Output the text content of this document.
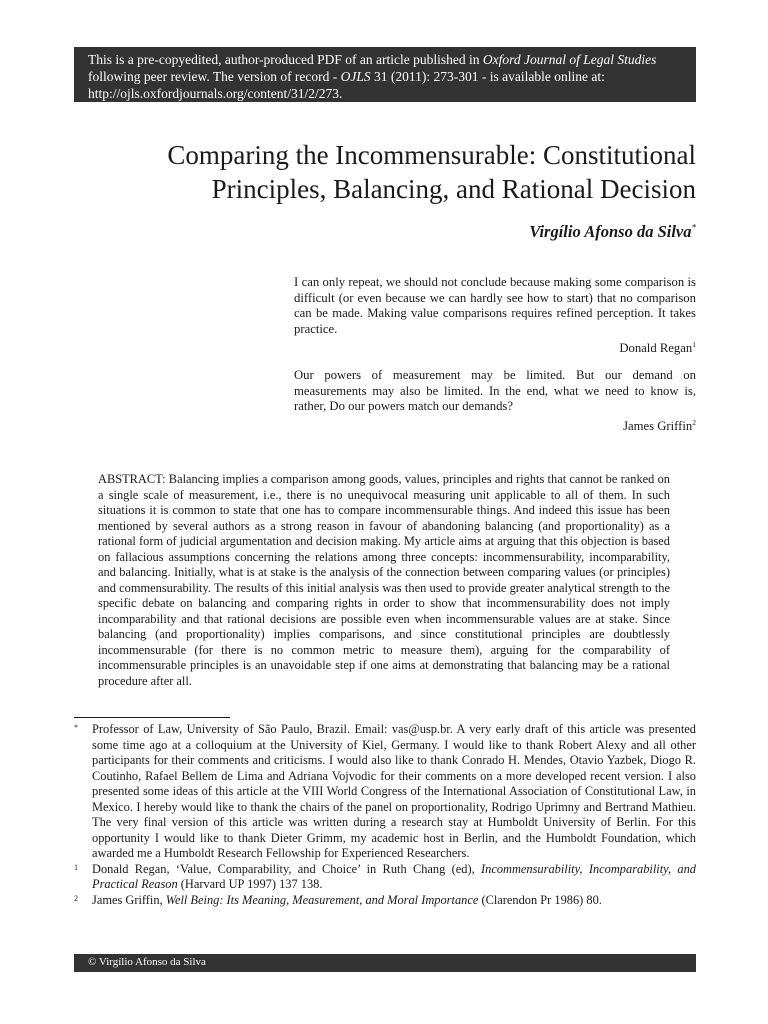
This is a pre-copyedited, author-produced PDF of an article published in Oxford Journal of Legal Studies following peer review. The version of record - OJLS 31 (2011): 273-301 - is available online at: http://ojls.oxfordjournals.org/content/31/2/273.
Comparing the Incommensurable: Constitutional
Principles, Balancing, and Rational Decision
Virgílio Afonso da Silva*

I can only repeat, we should not conclude because making some comparison is difficult (or even because we can hardly see how to start) that no comparison can be made. Making value comparisons requires refined perception. It takes practice.

Donald Regan$^1$

Our powers of measurement may be limited. But our demand on measurements may also be limited. In the end, what we need to know is, rather, Do our powers match our demands?

James Griffin$^2$

ABSTRACT: Balancing implies a comparison among goods, values, principles and rights that cannot be ranked on a single scale of measurement, i.e., there is no unequivocal measuring unit applicable to all of them. In such situations it is common to state that one has to compare incommensurable things. And indeed this issue has been mentioned by several authors as a strong reason in favour of abandoning balancing (and proportionality) as a rational form of judicial argumentation and decision making. My article aims at arguing that this objection is based on fallacious assumptions concerning the relations among three concepts: incommensurability, incomparability, and balancing. Initially, what is at stake is the analysis of the connection between comparing values (or principles) and commensurability. The results of this initial analysis was then used to provide greater analytical strength to the specific debate on balancing and comparing rights in order to show that incommensurability does not imply incomparability and that rational decisions are possible even when incommensurable values are at stake. Since balancing (and proportionality) implies comparisons, and since constitutional principles are doubtlessly incommensurable (for there is no common metric to measure them), arguing for the comparability of incommensurable principles is an unavoidable step if one aims at demonstrating that balancing may be a rational procedure after all.

* Professor of Law, University of São Paulo, Brazil. Email: vas@usp.br. A very early draft of this article was presented some time ago at a colloquium at the University of Kiel, Germany. I would like to thank Robert Alexy and all other participants for their comments and criticisms. I would also like to thank Conrado H. Mendes, Otavio Yazbek, Diogo R. Coutinho, Rafael Bellem de Lima and Adriana Vojvodic for their comments on a more developed recent version. I also presented some ideas of this article at the VIII World Congress of the International Association of Constitutional Law, in Mexico. I hereby would like to thank the chairs of the panel on proportionality, Rodrigo Uprimny and Bertrand Mathieu. The very final version of this article was written during a research stay at Humboldt University of Berlin. For this opportunity I would like to thank Dieter Grimm, my academic host in Berlin, and the Humboldt Foundation, which awarded me a Humboldt Research Fellowship for Experienced Researchers.
1 Donald Regan, ‘Value, Comparability, and Choice’ in Ruth Chang (ed), Incommensurability, Incomparability, and Practical Reason (Harvard UP 1997) 137 138.
2 James Griffin, Well Being: Its Meaning, Measurement, and Moral Importance (Clarendon Pr 1986) 80.
© Virgílio Afonso da Silva
